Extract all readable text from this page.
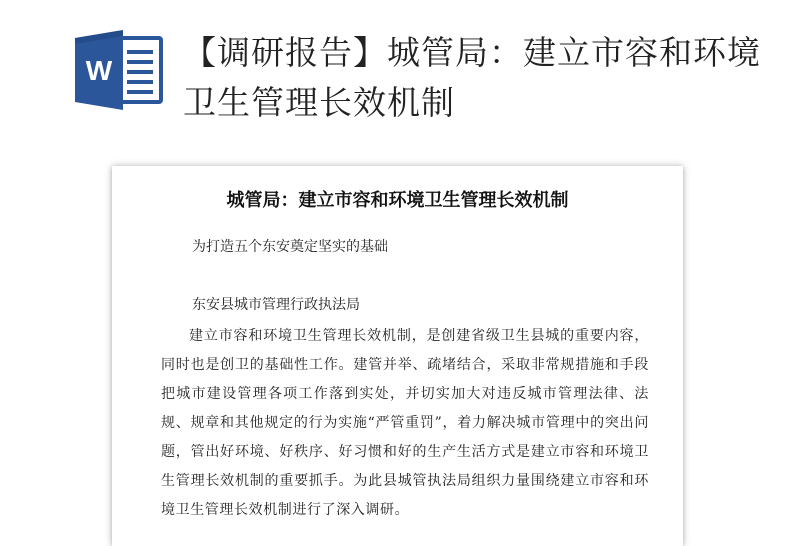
W 【调研报告】城管局：建立市容和环境卫生管理长效机制
城管局：建立市容和环境卫生管理长效机制
为打造五个东安奠定坚实的基础
东安县城市管理行政执法局

建立市容和环境卫生管理长效机制，是创建省级卫生县城的重要内容，同时也是创卫的基础性工作。建管并举、疏堵结合，采取非常规措施和手段把城市建设管理各项工作落到实处，并切实加大对违反城市管理法律、法规、规章和其他规定的行为实施“严管重罚”，着力解决城市管理中的突出问题，管出好环境、好秩序、好习惯和好的生产生活方式是建立市容和环境卫生管理长效机制的重要抓手。为此县城管执法局组织力量围绕建立市容和环境卫生管理长效机制进行了深入调研。
